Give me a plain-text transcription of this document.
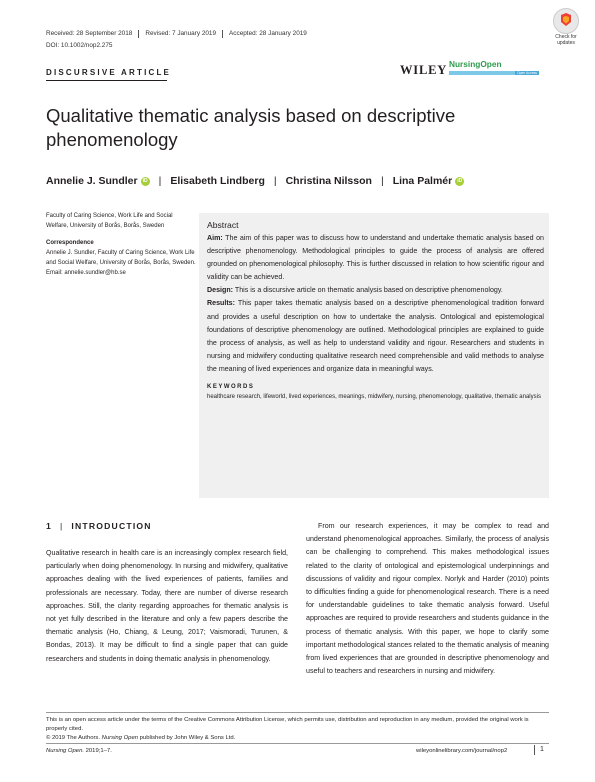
Received: 28 September 2018 Revised: 7 January 2019 Accepted: 28 January 2019
DOI: 10.1002/nop2.275
Check for
updates
DISCURSIVE ARTICLE	WILEY NursingOpen
Open Access
Qualitative thematic analysis based on descriptive phenomenology
Annelie J. Sundler	iD | Elisabeth Lindberg | Christina Nilsson | Lina Palmér	iD
Faculty of Caring Science, Work Life and Social Welfare, University of Borås, Borås, Sweden
Correspondence
Annelie J. Sundler, Faculty of Caring Science, Work Life and Social Welfare, University of Borås, Borås, Sweden.
Email: annelie.sundler@hb.se
Abstract
Aim: The aim of this paper was to discuss how to understand and undertake thematic analysis based on descriptive phenomenology. Methodological principles to guide the process of analysis are offered grounded on phenomenological philosophy. This is further discussed in relation to how scientific rigour and validity can be achieved.
Design: This is a discursive article on thematic analysis based on descriptive phenomenology.
Results: This paper takes thematic analysis based on a descriptive phenomenological tradition forward and provides a useful description on how to undertake the analysis. Ontological and epistemological foundations of descriptive phenomenology are outlined. Methodological principles are explained to guide the process of analysis, as well as help to understand validity and rigour. Researchers and students in nursing and midwifery conducting qualitative research need comprehensible and valid methods to analyse the meaning of lived experiences and organize data in meaningful ways.
KEYWORDS
healthcare research, lifeworld, lived experiences, meanings, midwifery, nursing, phenomenology, qualitative, thematic analysis
1 | INTRODUCTION
Qualitative research in health care is an increasingly complex research field, particularly when doing phenomenology. In nursing and midwifery, qualitative approaches dealing with the lived experiences of patients, families and professionals are necessary. Today, there are number of diverse research approaches. Still, the clarity regarding approaches for thematic analysis is not yet fully described in the literature and only a few papers describe the thematic analysis (Ho, Chiang, & Leung, 2017; Vaismoradi, Turunen, & Bondas, 2013). It may be difficult to find a single paper that can guide researchers and students in doing thematic analysis in phenomenology.
From our research experiences, it may be complex to read and understand phenomenological approaches. Similarly, the process of analysis can be challenging to comprehend. This makes methodological issues related to the clarity of ontological and epistemological underpinnings and discussions of validity and rigour complex. Norlyk and Harder (2010) points to difficulties finding a guide for phenomenological research. There is a need for understandable guidelines to take thematic analysis forward. Useful approaches are required to provide researchers and students guidance in the process of thematic analysis. With this paper, we hope to clarify some important methodological stances related to the thematic analysis of meaning from lived experiences that are grounded in descriptive phenomenology and useful to teachers and researchers in nursing and midwifery.
This is an open access article under the terms of the Creative Commons Attribution License, which permits use, distribution and reproduction in any medium, provided the original work is properly cited.
© 2019 The Authors. Nursing Open published by John Wiley & Sons Ltd.
Nursing Open. 2019;1–7.	wileyonlinelibrary.com/journal/nop2	1
